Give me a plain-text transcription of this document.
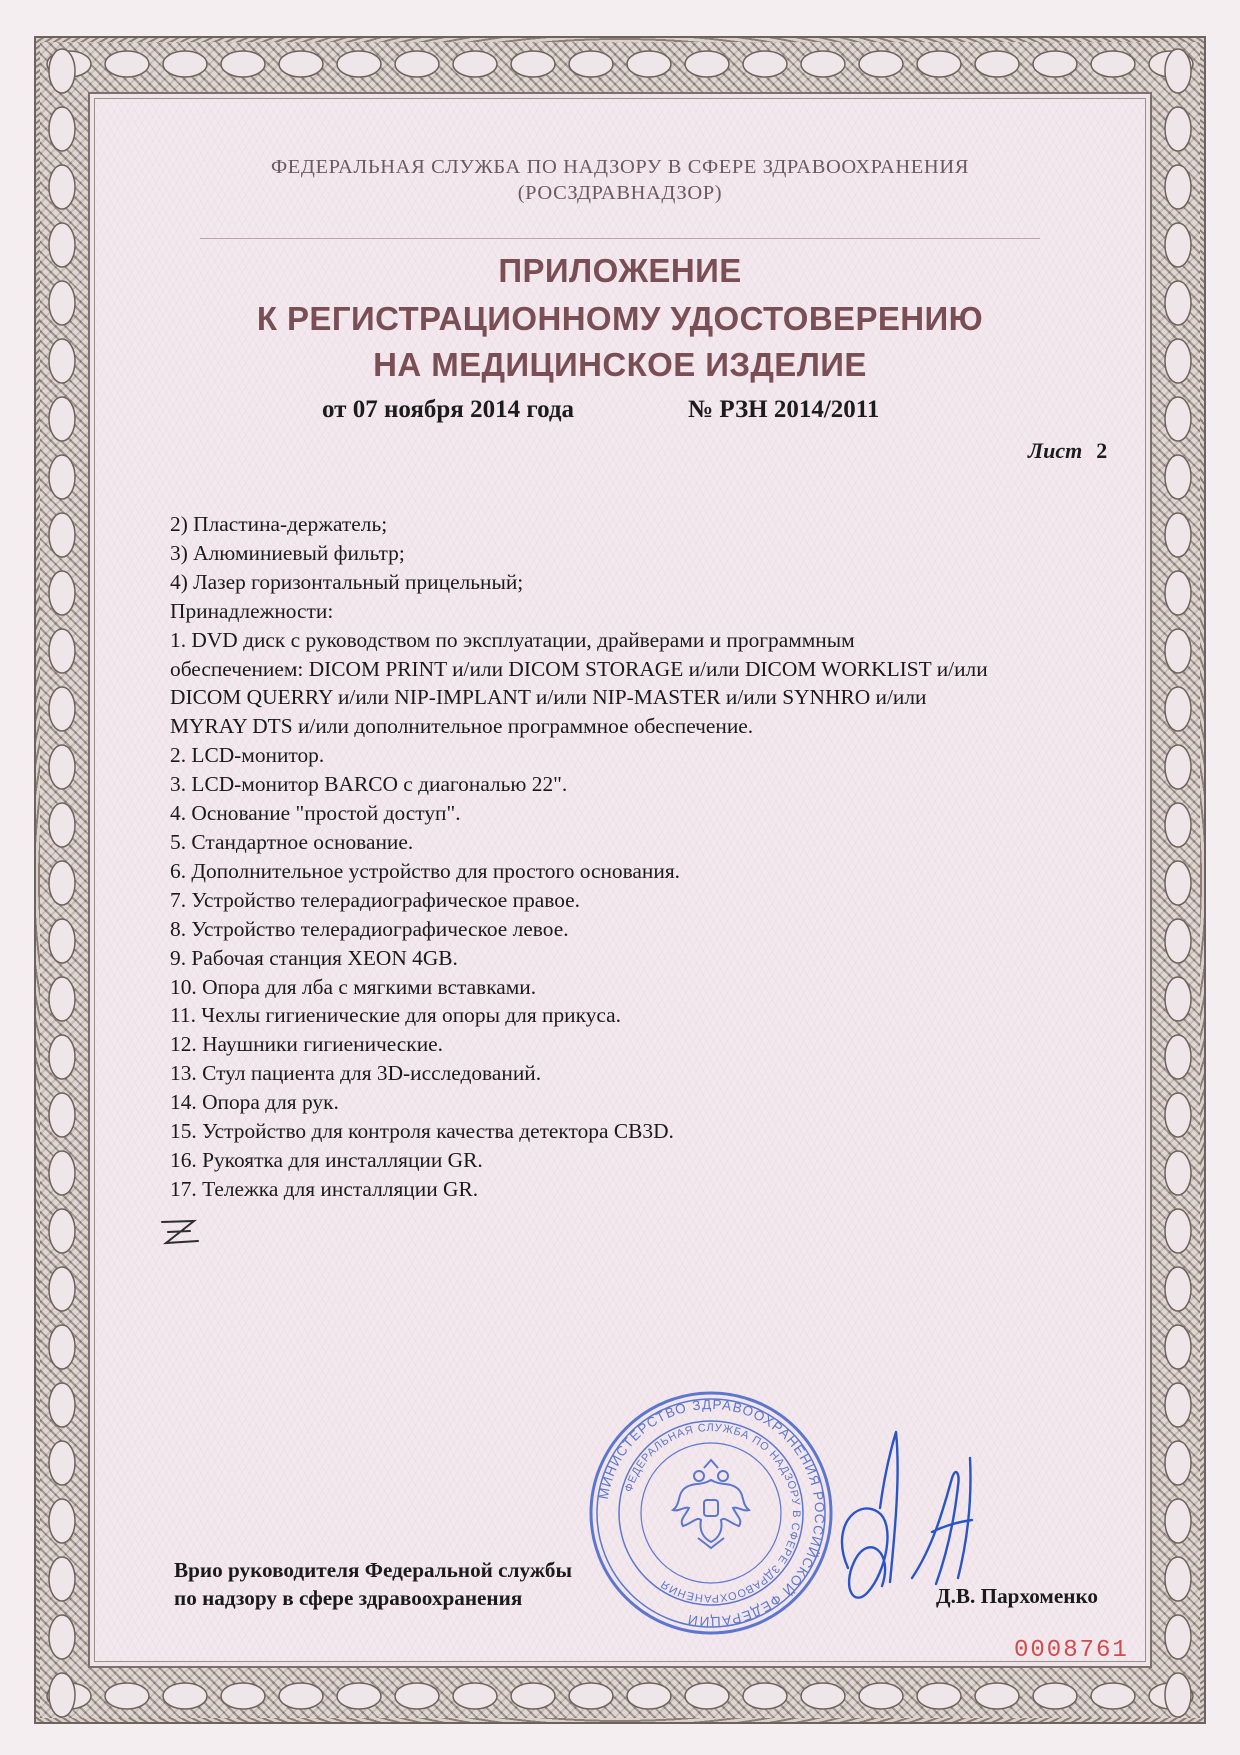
ФЕДЕРАЛЬНАЯ СЛУЖБА ПО НАДЗОРУ В СФЕРЕ ЗДРАВООХРАНЕНИЯ
(РОСЗДРАВНАДЗОР)
ПРИЛОЖЕНИЕ
К РЕГИСТРАЦИОННОМУ УДОСТОВЕРЕНИЮ
НА МЕДИЦИНСКОЕ ИЗДЕЛИЕ
от 07 ноября 2014 года	№ РЗН 2014/2011
Лист 2
2) Пластина-держатель;
3) Алюминиевый фильтр;
4) Лазер горизонтальный прицельный;
Принадлежности:
1. DVD диск с руководством по эксплуатации, драйверами и программным
обеспечением: DICOM PRINT и/или DICOM STORAGE и/или DICOM WORKLIST и/или
DICOM QUERRY и/или NIP-IMPLANT и/или NIP-MASTER и/или SYNHRO и/или
MYRAY DTS и/или дополнительное программное обеспечение.
2. LCD-монитор.
3. LCD-монитор BARCO с диагональю 22".
4. Основание "простой доступ".
5. Стандартное основание.
6. Дополнительное устройство для простого основания.
7. Устройство телерадиографическое правое.
8. Устройство телерадиографическое левое.
9. Рабочая станция XEON 4GB.
10. Опора для лба с мягкими вставками.
11. Чехлы гигиенические для опоры для прикуса.
12. Наушники гигиенические.
13. Стул пациента для 3D-исследований.
14. Опора для рук.
15. Устройство для контроля качества детектора CB3D.
16. Рукоятка для инсталляции GR.
17. Тележка для инсталляции GR.
МИНИСТЕРСТВО ЗДРАВООХРАНЕНИЯ РОССИЙСКОЙ ФЕДЕРАЦИИ
ФЕДЕРАЛЬНАЯ СЛУЖБА ПО НАДЗОРУ В СФЕРЕ ЗДРАВООХРАНЕНИЯ
Врио руководителя Федеральной службы
по надзору в сфере здравоохранения	Д.В. Пархоменко
0008761
